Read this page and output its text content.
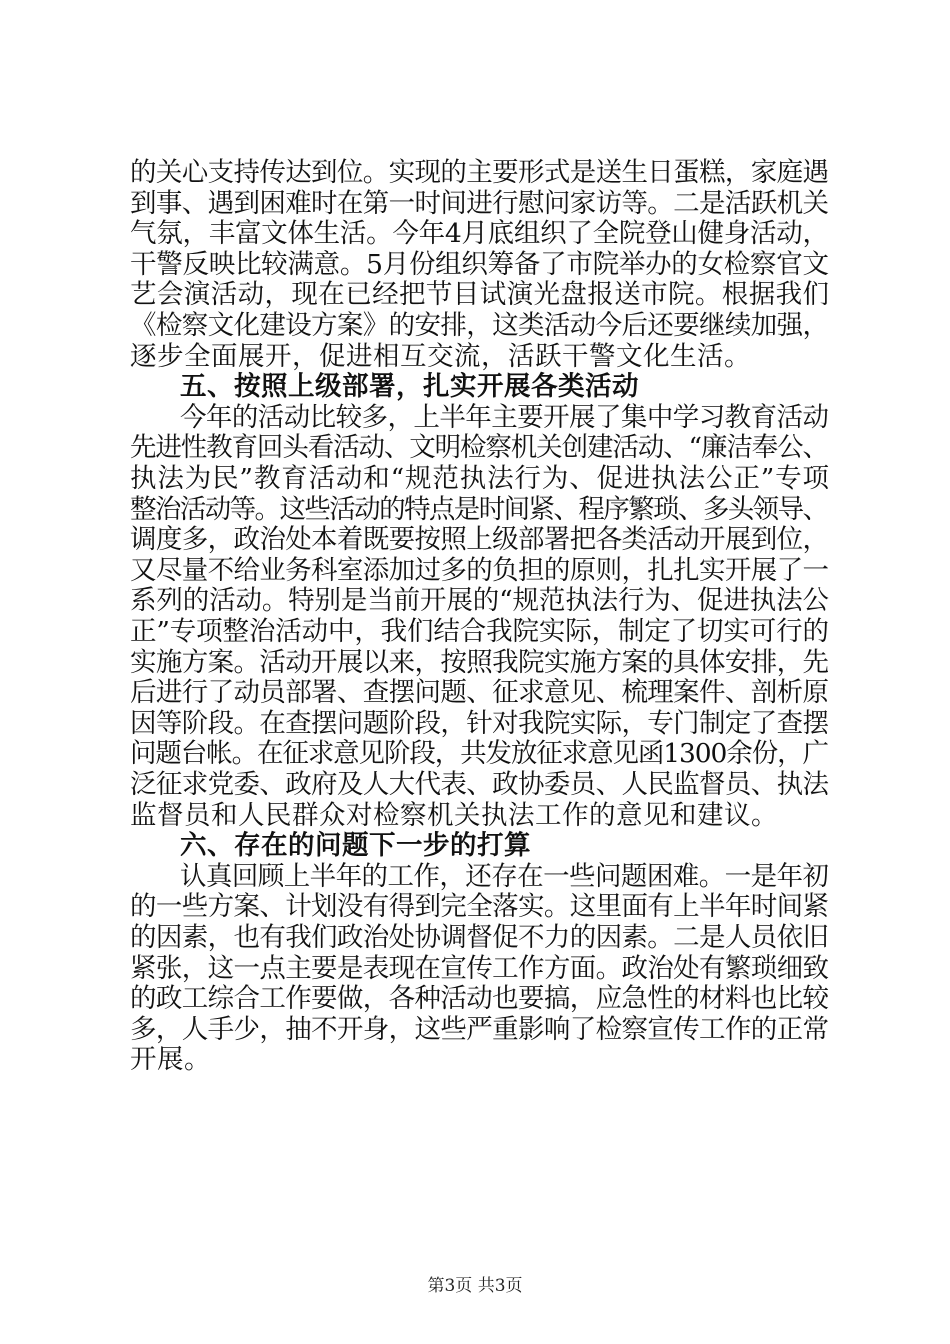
的关心支持传达到位。实现的主要形式是送生日蛋糕，家庭遇
到事、遇到困难时在第一时间进行慰问家访等。二是活跃机关
气氛，丰富文体生活。今年4月底组织了全院登山健身活动，
干警反映比较满意。5月份组织筹备了市院举办的女检察官文
艺会演活动，现在已经把节目试演光盘报送市院。根据我们
《检察文化建设方案》的安排，这类活动今后还要继续加强，
逐步全面展开，促进相互交流，活跃干警文化生活。
五、按照上级部署，扎实开展各类活动
今年的活动比较多，上半年主要开展了集中学习教育活动
先进性教育回头看活动、文明检察机关创建活动、“廉洁奉公、
执法为民”教育活动和“规范执法行为、促进执法公正”专项
整治活动等。这些活动的特点是时间紧、程序繁琐、多头领导、
调度多，政治处本着既要按照上级部署把各类活动开展到位，
又尽量不给业务科室添加过多的负担的原则，扎扎实开展了一
系列的活动。特别是当前开展的“规范执法行为、促进执法公
正”专项整治活动中，我们结合我院实际，制定了切实可行的
实施方案。活动开展以来，按照我院实施方案的具体安排，先
后进行了动员部署、查摆问题、征求意见、梳理案件、剖析原
因等阶段。在查摆问题阶段，针对我院实际，专门制定了查摆
问题台帐。在征求意见阶段，共发放征求意见函1300余份，广
泛征求党委、政府及人大代表、政协委员、人民监督员、执法
监督员和人民群众对检察机关执法工作的意见和建议。
六、存在的问题下一步的打算
认真回顾上半年的工作，还存在一些问题困难。一是年初
的一些方案、计划没有得到完全落实。这里面有上半年时间紧
的因素，也有我们政治处协调督促不力的因素。二是人员依旧
紧张，这一点主要是表现在宣传工作方面。政治处有繁琐细致
的政工综合工作要做，各种活动也要搞，应急性的材料也比较
多，人手少，抽不开身，这些严重影响了检察宣传工作的正常
开展。
第3页 共3页
